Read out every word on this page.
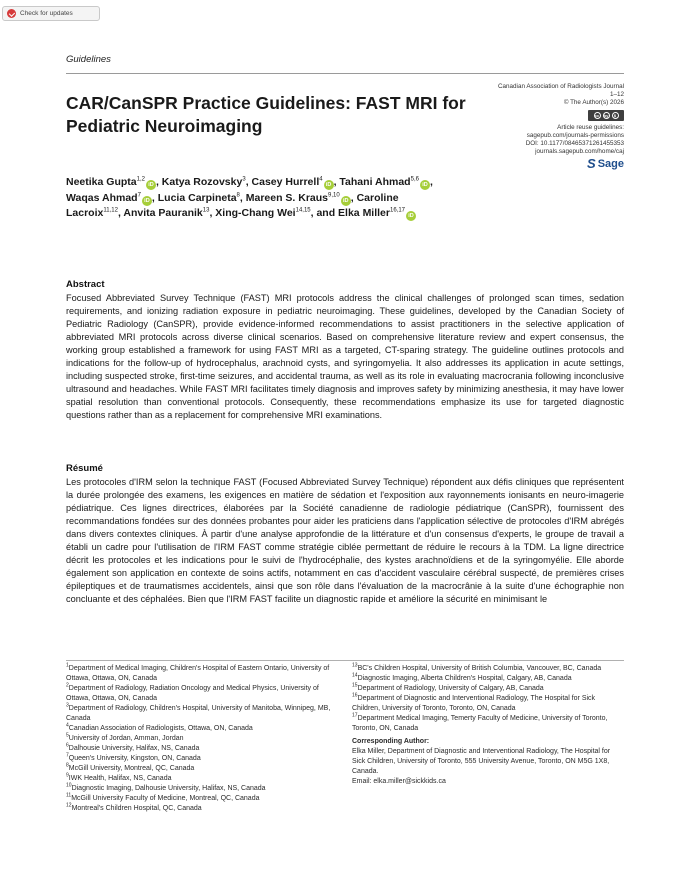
Check for updates
Guidelines
CAR/CanSPR Practice Guidelines: FAST MRI for Pediatric Neuroimaging
Canadian Association of Radiologists Journal
1–12
© The Author(s) 2026
cc	by	$
Article reuse guidelines:
sagepub.com/journals-permissions
DOI: 10.1177/08465371261455353
journals.sagepub.com/home/caj
S Sage
Neetika Gupta$^{1,2}$iD , Katya Rozovsky$^3$, Casey Hurrell$^4$iD , Tahani Ahmad$^{5,6}$iD , Waqas Ahmad$^7$iD , Lucia Carpineta$^8$, Mareen S. Kraus$^{9,10}$iD , Caroline Lacroix$^{11,12}$, Anvita Pauranik$^{13}$, Xing-Chang Wei$^{14,15}$, and Elka Miller$^{16,17}$iD
Abstract

Focused Abbreviated Survey Technique (FAST) MRI protocols address the clinical challenges of prolonged scan times, sedation requirements, and ionizing radiation exposure in pediatric neuroimaging. These guidelines, developed by the Canadian Society of Pediatric Radiology (CanSPR), provide evidence-informed recommendations to assist practitioners in the selective application of abbreviated MRI protocols across diverse clinical scenarios. Based on comprehensive literature review and expert consensus, the working group established a framework for using FAST MRI as a targeted, CT-sparing strategy. The guideline outlines protocols and indications for the follow-up of hydrocephalus, arachnoid cysts, and syringomyelia. It also addresses its application in acute settings, including suspected stroke, first-time seizures, and accidental trauma, as well as its role in evaluating macrocrania following inconclusive ultrasound and headaches. While FAST MRI facilitates timely diagnosis and improves safety by minimizing anesthesia, it may have lower spatial resolution than conventional protocols. Consequently, these recommendations emphasize its use for targeted diagnostic questions rather than as a replacement for comprehensive MRI examinations.

Résumé

Les protocoles d'IRM selon la technique FAST (Focused Abbreviated Survey Technique) répondent aux défis cliniques que représentent la durée prolongée des examens, les exigences en matière de sédation et l'exposition aux rayonnements ionisants en neuro-imagerie pédiatrique. Ces lignes directrices, élaborées par la Société canadienne de radiologie pédiatrique (CanSPR), fournissent des recommandations fondées sur des données probantes pour aider les praticiens dans l'application sélective de protocoles d'IRM abrégés dans divers contextes cliniques. À partir d'une analyse approfondie de la littérature et d'un consensus d'experts, le groupe de travail a établi un cadre pour l'utilisation de l'IRM FAST comme stratégie ciblée permettant de réduire le recours à la TDM. La ligne directrice décrit les protocoles et les indications pour le suivi de l'hydrocéphalie, des kystes arachnoïdiens et de la syringomyélie. Elle aborde également son application en contexte de soins actifs, notamment en cas d'accident vasculaire cérébral suspecté, de premières crises épileptiques et de traumatismes accidentels, ainsi que son rôle dans l'évaluation de la macrocrânie à la suite d'une échographie non concluante et des céphalées. Bien que l'IRM FAST facilite un diagnostic rapide et améliore la sécurité en minimisant le

$^1$Department of Medical Imaging, Children's Hospital of Eastern Ontario, University of Ottawa, Ottawa, ON, Canada
$^2$Department of Radiology, Radiation Oncology and Medical Physics, University of Ottawa, Ottawa, ON, Canada
$^3$Department of Radiology, Children's Hospital, University of Manitoba, Winnipeg, MB, Canada
$^4$Canadian Association of Radiologists, Ottawa, ON, Canada
$^5$University of Jordan, Amman, Jordan
$^6$Dalhousie University, Halifax, NS, Canada
$^7$Queen's University, Kingston, ON, Canada
$^8$McGill University, Montreal, QC, Canada
$^9$IWK Health, Halifax, NS, Canada
$^{10}$Diagnostic Imaging, Dalhousie University, Halifax, NS, Canada
$^{11}$McGill University Faculty of Medicine, Montreal, QC, Canada
$^{12}$Montreal's Children Hospital, QC, Canada
$^{13}$BC's Children Hospital, University of British Columbia, Vancouver, BC, Canada
$^{14}$Diagnostic Imaging, Alberta Children's Hospital, Calgary, AB, Canada
$^{15}$Department of Radiology, University of Calgary, AB, Canada
$^{16}$Department of Diagnostic and Interventional Radiology, The Hospital for Sick Children, University of Toronto, Toronto, ON, Canada
$^{17}$Department Medical Imaging, Temerty Faculty of Medicine, University of Toronto, Toronto, ON, Canada
Corresponding Author:
Elka Miller, Department of Diagnostic and Interventional Radiology, The Hospital for Sick Children, University of Toronto, 555 University Avenue, Toronto, ON M5G 1X8, Canada.
Email: elka.miller@sickkids.ca
